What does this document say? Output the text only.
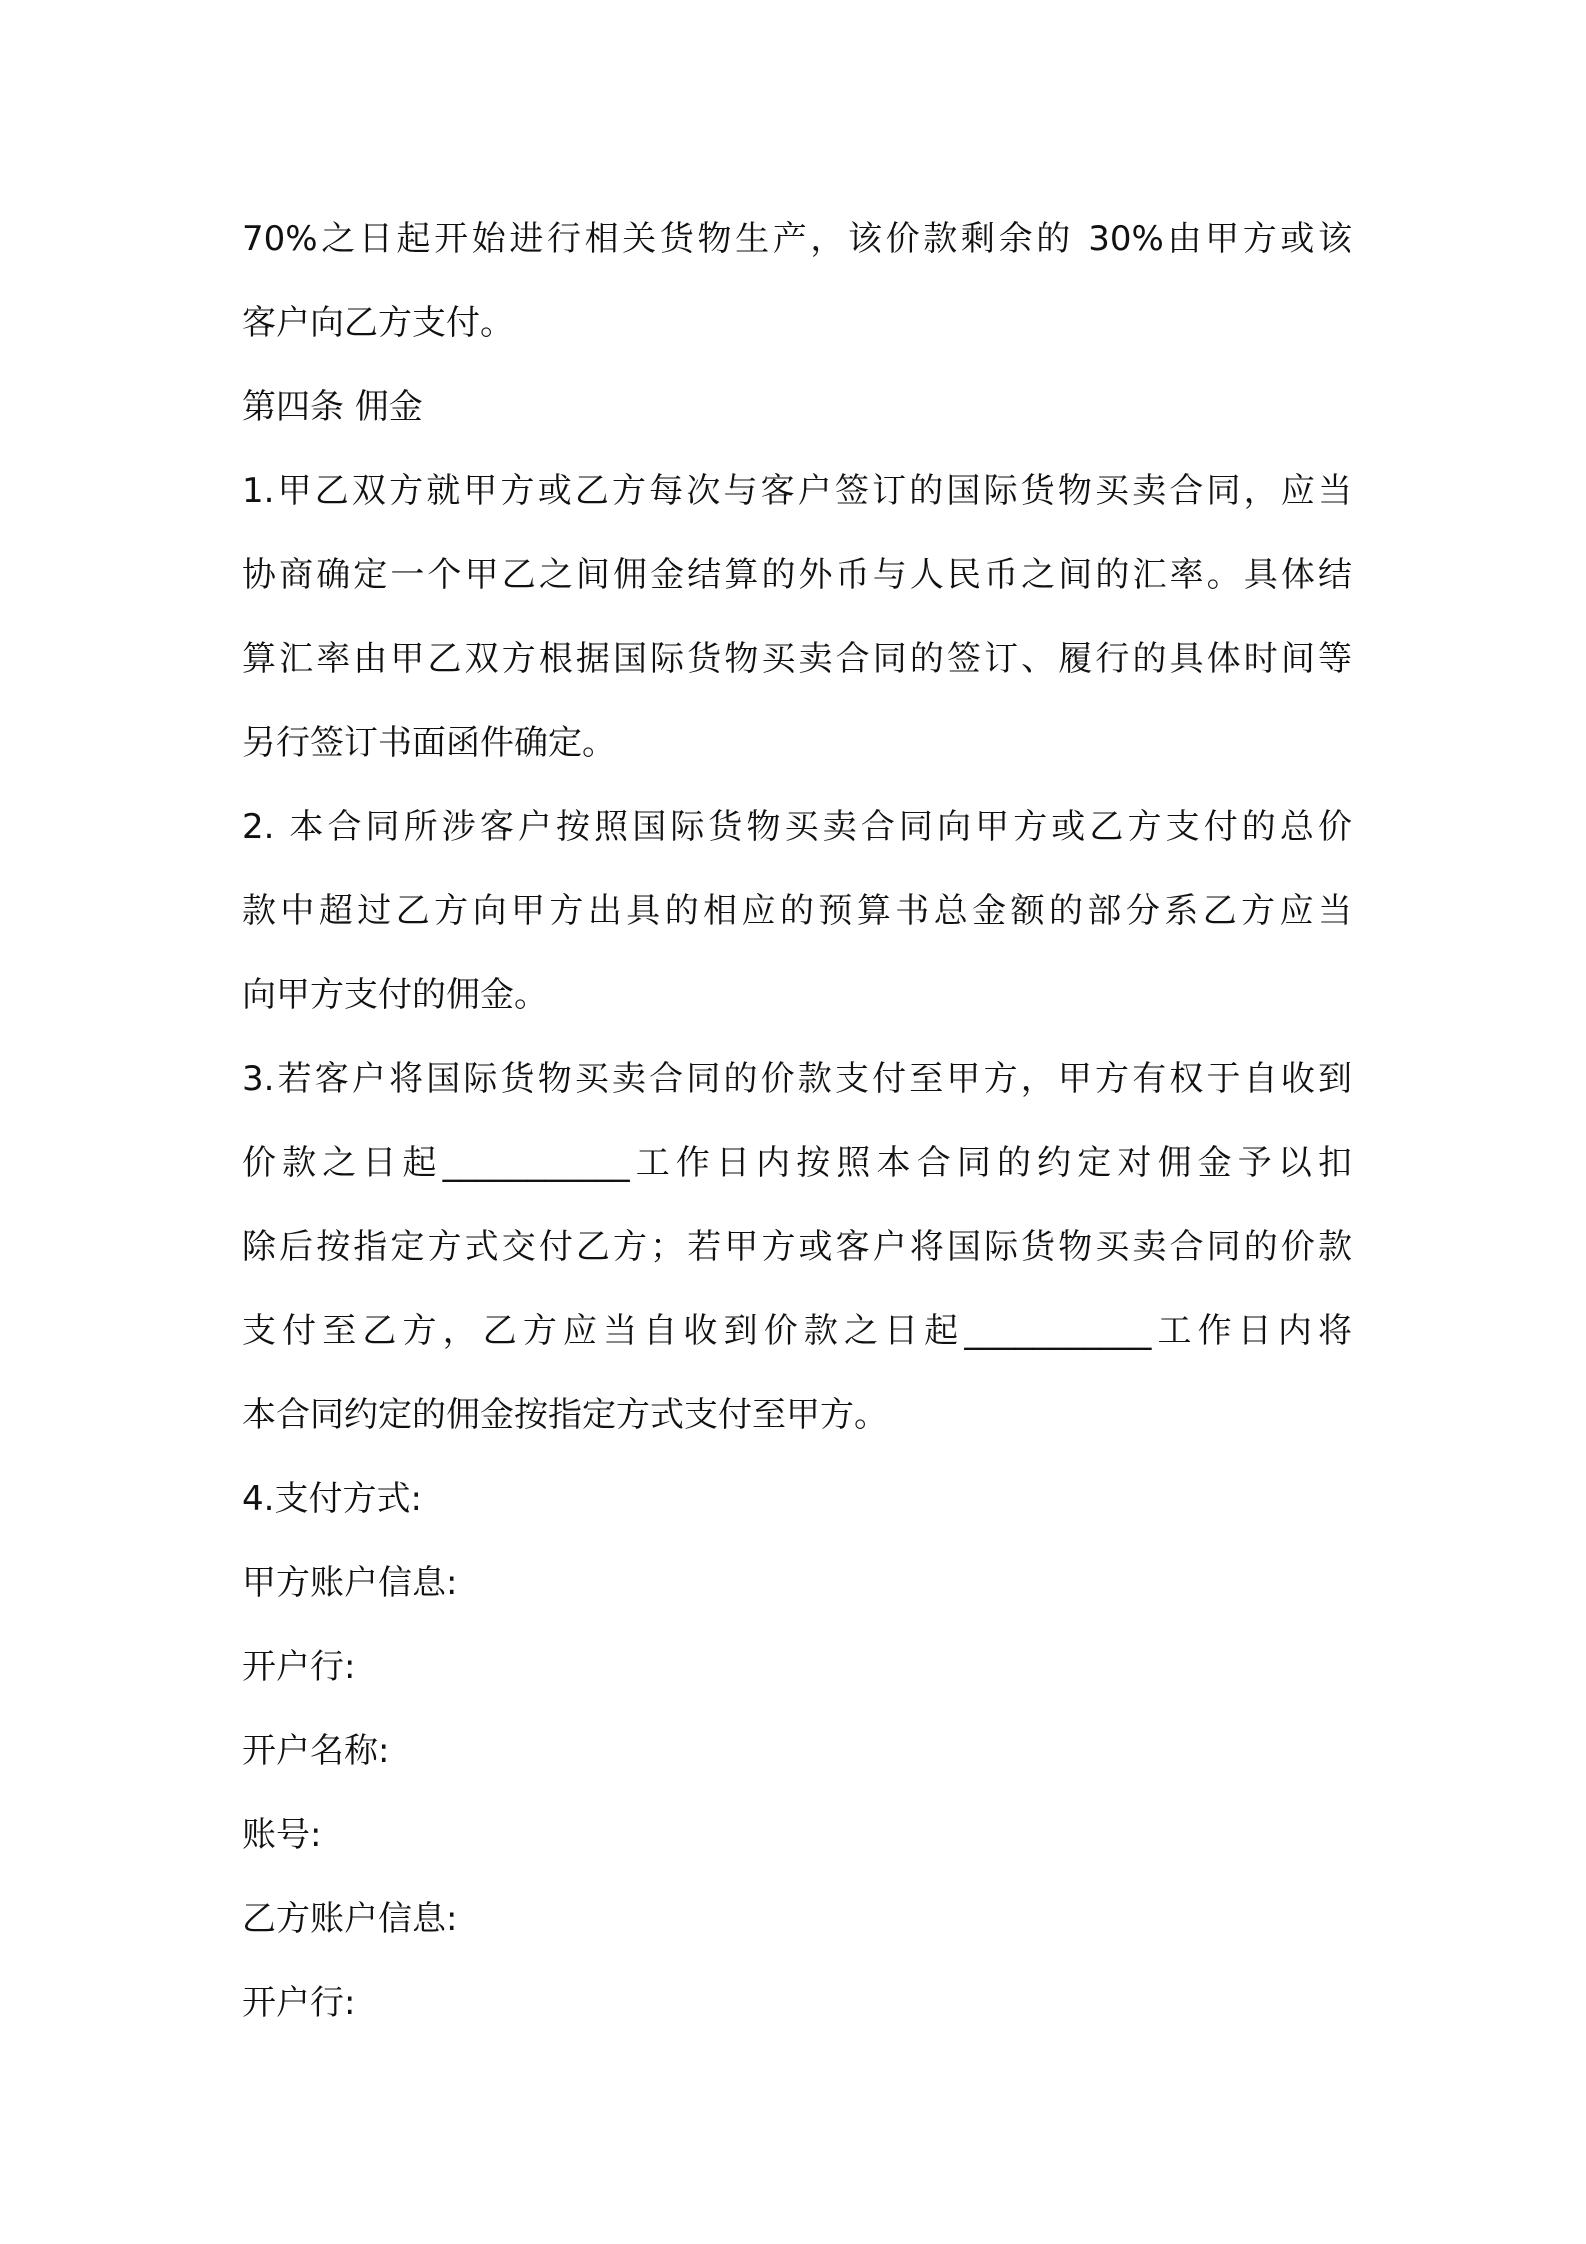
70%之日起开始进行相关货物生产，该价款剩余的 30%由甲方或该
客户向乙方支付。
第四条 佣金
1.甲乙双方就甲方或乙方每次与客户签订的国际货物买卖合同，应当
协商确定一个甲乙之间佣金结算的外币与人民币之间的汇率。具体结
算汇率由甲乙双方根据国际货物买卖合同的签订、履行的具体时间等
另行签订书面函件确定。
2. 本合同所涉客户按照国际货物买卖合同向甲方或乙方支付的总价
款中超过乙方向甲方出具的相应的预算书总金额的部分系乙方应当
向甲方支付的佣金。
3.若客户将国际货物买卖合同的价款支付至甲方，甲方有权于自收到
价款之日起___________工作日内按照本合同的约定对佣金予以扣
除后按指定方式交付乙方；若甲方或客户将国际货物买卖合同的价款
支付至乙方，乙方应当自收到价款之日起___________工作日内将
本合同约定的佣金按指定方式支付至甲方。
4.支付方式:
甲方账户信息:
开户行:
开户名称:
账号:
乙方账户信息:
开户行:
